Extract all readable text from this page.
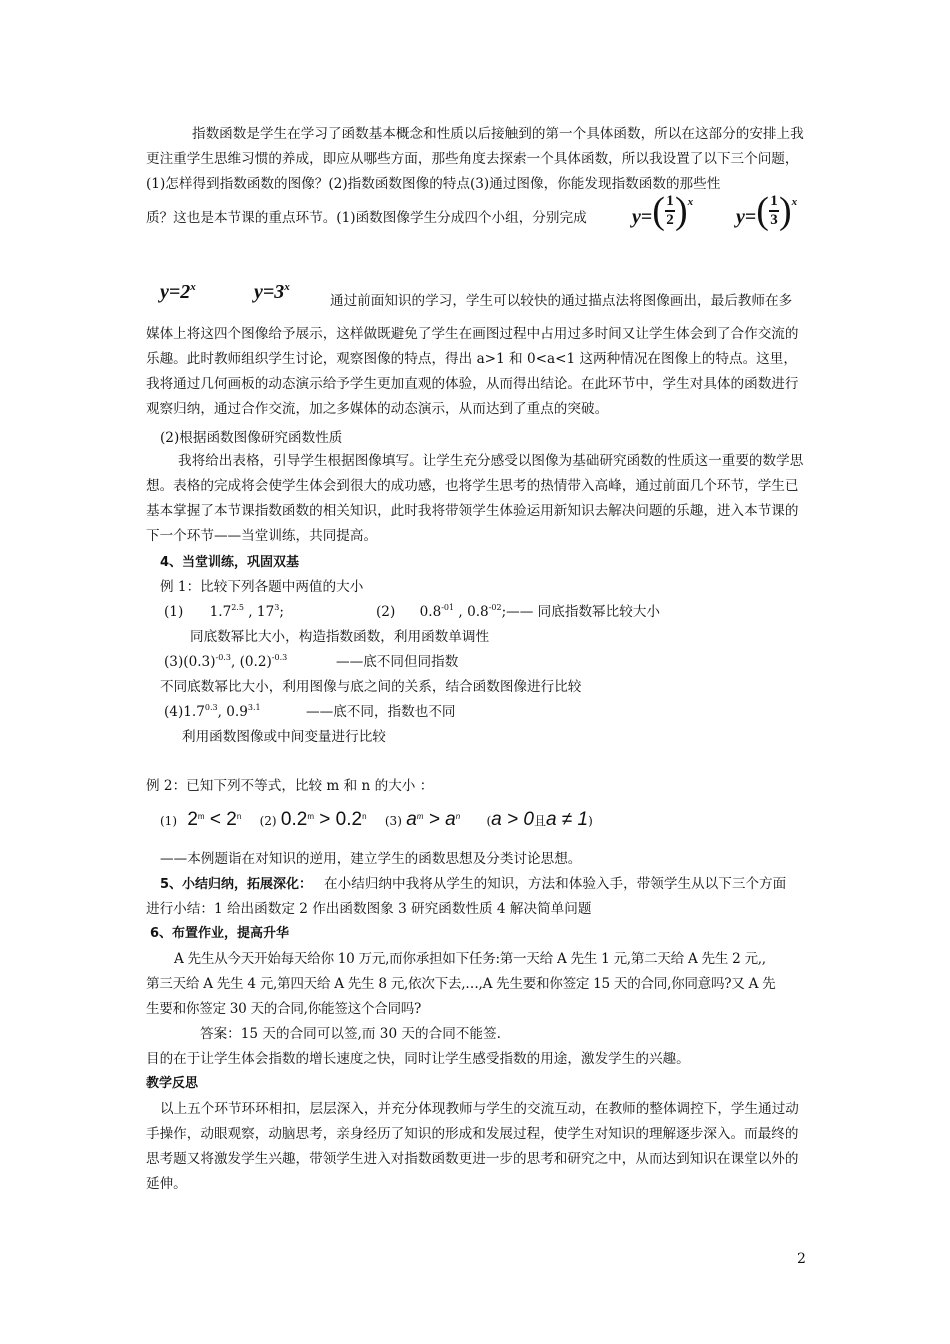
指数函数是学生在学习了函数基本概念和性质以后接触到的第一个具体函数，所以在这部分的安排上我更注重学生思维习惯的养成，即应从哪些方面，那些角度去探索一个具体函数，所以我设置了以下三个问题，(1)怎样得到指数函数的图像？(2)指数函数图像的特点(3)通过图像，你能发现指数函数的那些性
质？这也是本节课的重点环节。(1)函数图像学生分成四个小组，分别完成 y= ( 1
2 ) $^x$
y= ( 1
3 ) $^x$
$y=2^x$	$y=3^x$
通过前面知识的学习，学生可以较快的通过描点法将图像画出，最后教师在多
媒体上将这四个图像给予展示，这样做既避免了学生在画图过程中占用过多时间又让学生体会到了合作交流的乐趣。此时教师组织学生讨论，观察图像的特点，得出 a>1 和 0<a<1 这两种情况在图像上的特点。这里，我将通过几何画板的动态演示给予学生更加直观的体验，从而得出结论。在此环节中，学生对具体的函数进行观察归纳，通过合作交流，加之多媒体的动态演示，从而达到了重点的突破。
(2)根据函数图像研究函数性质
我将给出表格，引导学生根据图像填写。让学生充分感受以图像为基础研究函数的性质这一重要的数学思想。表格的完成将会使学生体会到很大的成功感，也将学生思考的热情带入高峰，通过前面几个环节，学生已基本掌握了本节课指数函数的相关知识，此时我将带领学生体验运用新知识去解决问题的乐趣，进入本节课的下一个环节——当堂训练，共同提高。
4、当堂训练，巩固双基
例 1：比较下列各题中两值的大小
(1) $1.7^{2.5}$ , $17^3$;	(2) $0.8^{-01}$ , $0.8^{-02};——$ 同底指数幂比较大小
同底数幂比大小，构造指数函数，利用函数单调性
$(3)(0.3)^{-0.3}$, $(0.2)^{-0.3}$	——底不同但同指数
不同底数幂比大小，利用图像与底之间的关系，结合函数图像进行比较
$(4)1.7^{0.3}$, $0.9^{3.1}$	——底不同，指数也不同
利用函数图像或中间变量进行比较
例 2：已知下列不等式，比较 m 和 n 的大小 ：
(1) $2^m < 2^n$ (2) $0.2^m > 0.2^n$ (3) $a^m > a^n$ (a > 0且a ≠ 1)
——本例题诣在对知识的逆用，建立学生的函数思想及分类讨论思想。
5、小结归纳，拓展深化： 在小结归纳中我将从学生的知识，方法和体验入手，带领学生从以下三个方面
进行小结：1 给出函数定 2 作出函数图象 3 研究函数性质 4 解决简单问题
6、布置作业，提高升华
A 先生从今天开始每天给你 10 万元,而你承担如下任务:第一天给 A 先生 1 元,第二天给 A 先生 2 元,,
第三天给 A 先生 4 元,第四天给 A 先生 8 元,依次下去,…,A 先生要和你签定 15 天的合同,你同意吗?又 A 先
生要和你签定 30 天的合同,你能签这个合同吗?
答案：15 天的合同可以签,而 30 天的合同不能签.
目的在于让学生体会指数的增长速度之快，同时让学生感受指数的用途，激发学生的兴趣。
教学反思
以上五个环节环环相扣，层层深入，并充分体现教师与学生的交流互动，在教师的整体调控下，学生通过动手操作，动眼观察，动脑思考，亲身经历了知识的形成和发展过程，使学生对知识的理解逐步深入。而最终的思考题又将激发学生兴趣，带领学生进入对指数函数更进一步的思考和研究之中，从而达到知识在课堂以外的延伸。
2
